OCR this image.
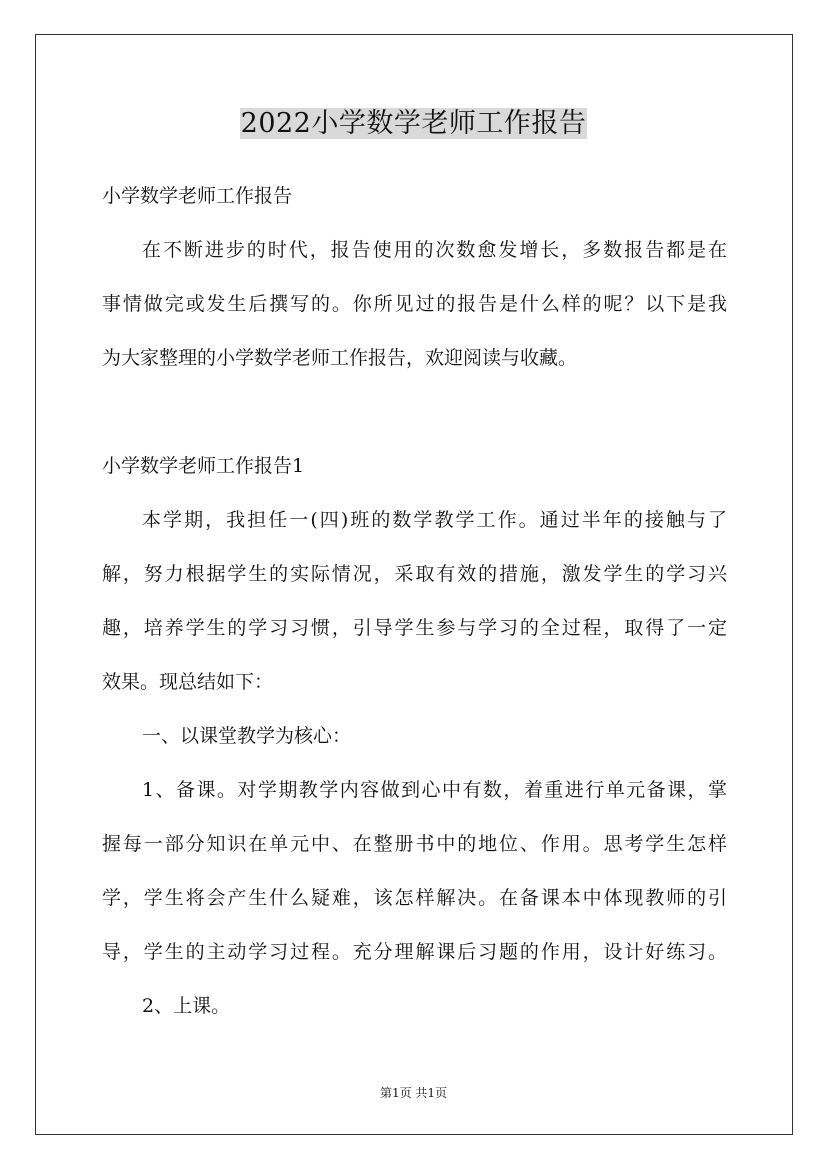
2022小学数学老师工作报告

小学数学老师工作报告

在不断进步的时代，报告使用的次数愈发增长，多数报告都是在

事情做完或发生后撰写的。你所见过的报告是什么样的呢？以下是我

为大家整理的小学数学老师工作报告，欢迎阅读与收藏。

小学数学老师工作报告1

本学期，我担任一(四)班的数学教学工作。通过半年的接触与了

解，努力根据学生的实际情况，采取有效的措施，激发学生的学习兴

趣，培养学生的学习习惯，引导学生参与学习的全过程，取得了一定

效果。现总结如下：

一、以课堂教学为核心：

1、备课。对学期教学内容做到心中有数，着重进行单元备课，掌

握每一部分知识在单元中、在整册书中的地位、作用。思考学生怎样

学，学生将会产生什么疑难，该怎样解决。在备课本中体现教师的引

导，学生的主动学习过程。充分理解课后习题的作用，设计好练习。

2、上课。

第1页 共1页
